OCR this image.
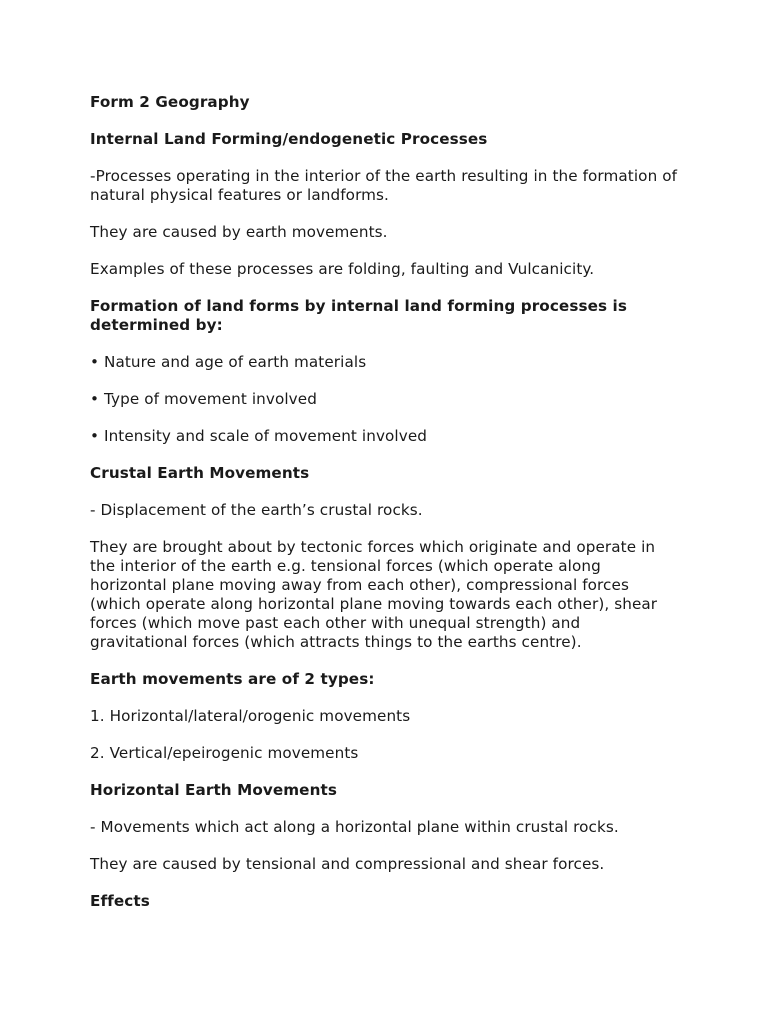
Form 2 Geography

Internal Land Forming/endogenetic Processes

-Processes operating in the interior of the earth resulting in the formation of natural physical features or landforms.

They are caused by earth movements.

Examples of these processes are folding, faulting and Vulcanicity.

Formation of land forms by internal land forming processes is determined by:

• Nature and age of earth materials

• Type of movement involved

• Intensity and scale of movement involved

Crustal Earth Movements

- Displacement of the earth’s crustal rocks.

They are brought about by tectonic forces which originate and operate in the interior of the earth e.g. tensional forces (which operate along horizontal plane moving away from each other), compressional forces (which operate along horizontal plane moving towards each other), shear forces (which move past each other with unequal strength) and gravitational forces (which attracts things to the earths centre).

Earth movements are of 2 types:

1. Horizontal/lateral/orogenic movements

2. Vertical/epeirogenic movements

Horizontal Earth Movements

- Movements which act along a horizontal plane within crustal rocks.

They are caused by tensional and compressional and shear forces.

Effects
